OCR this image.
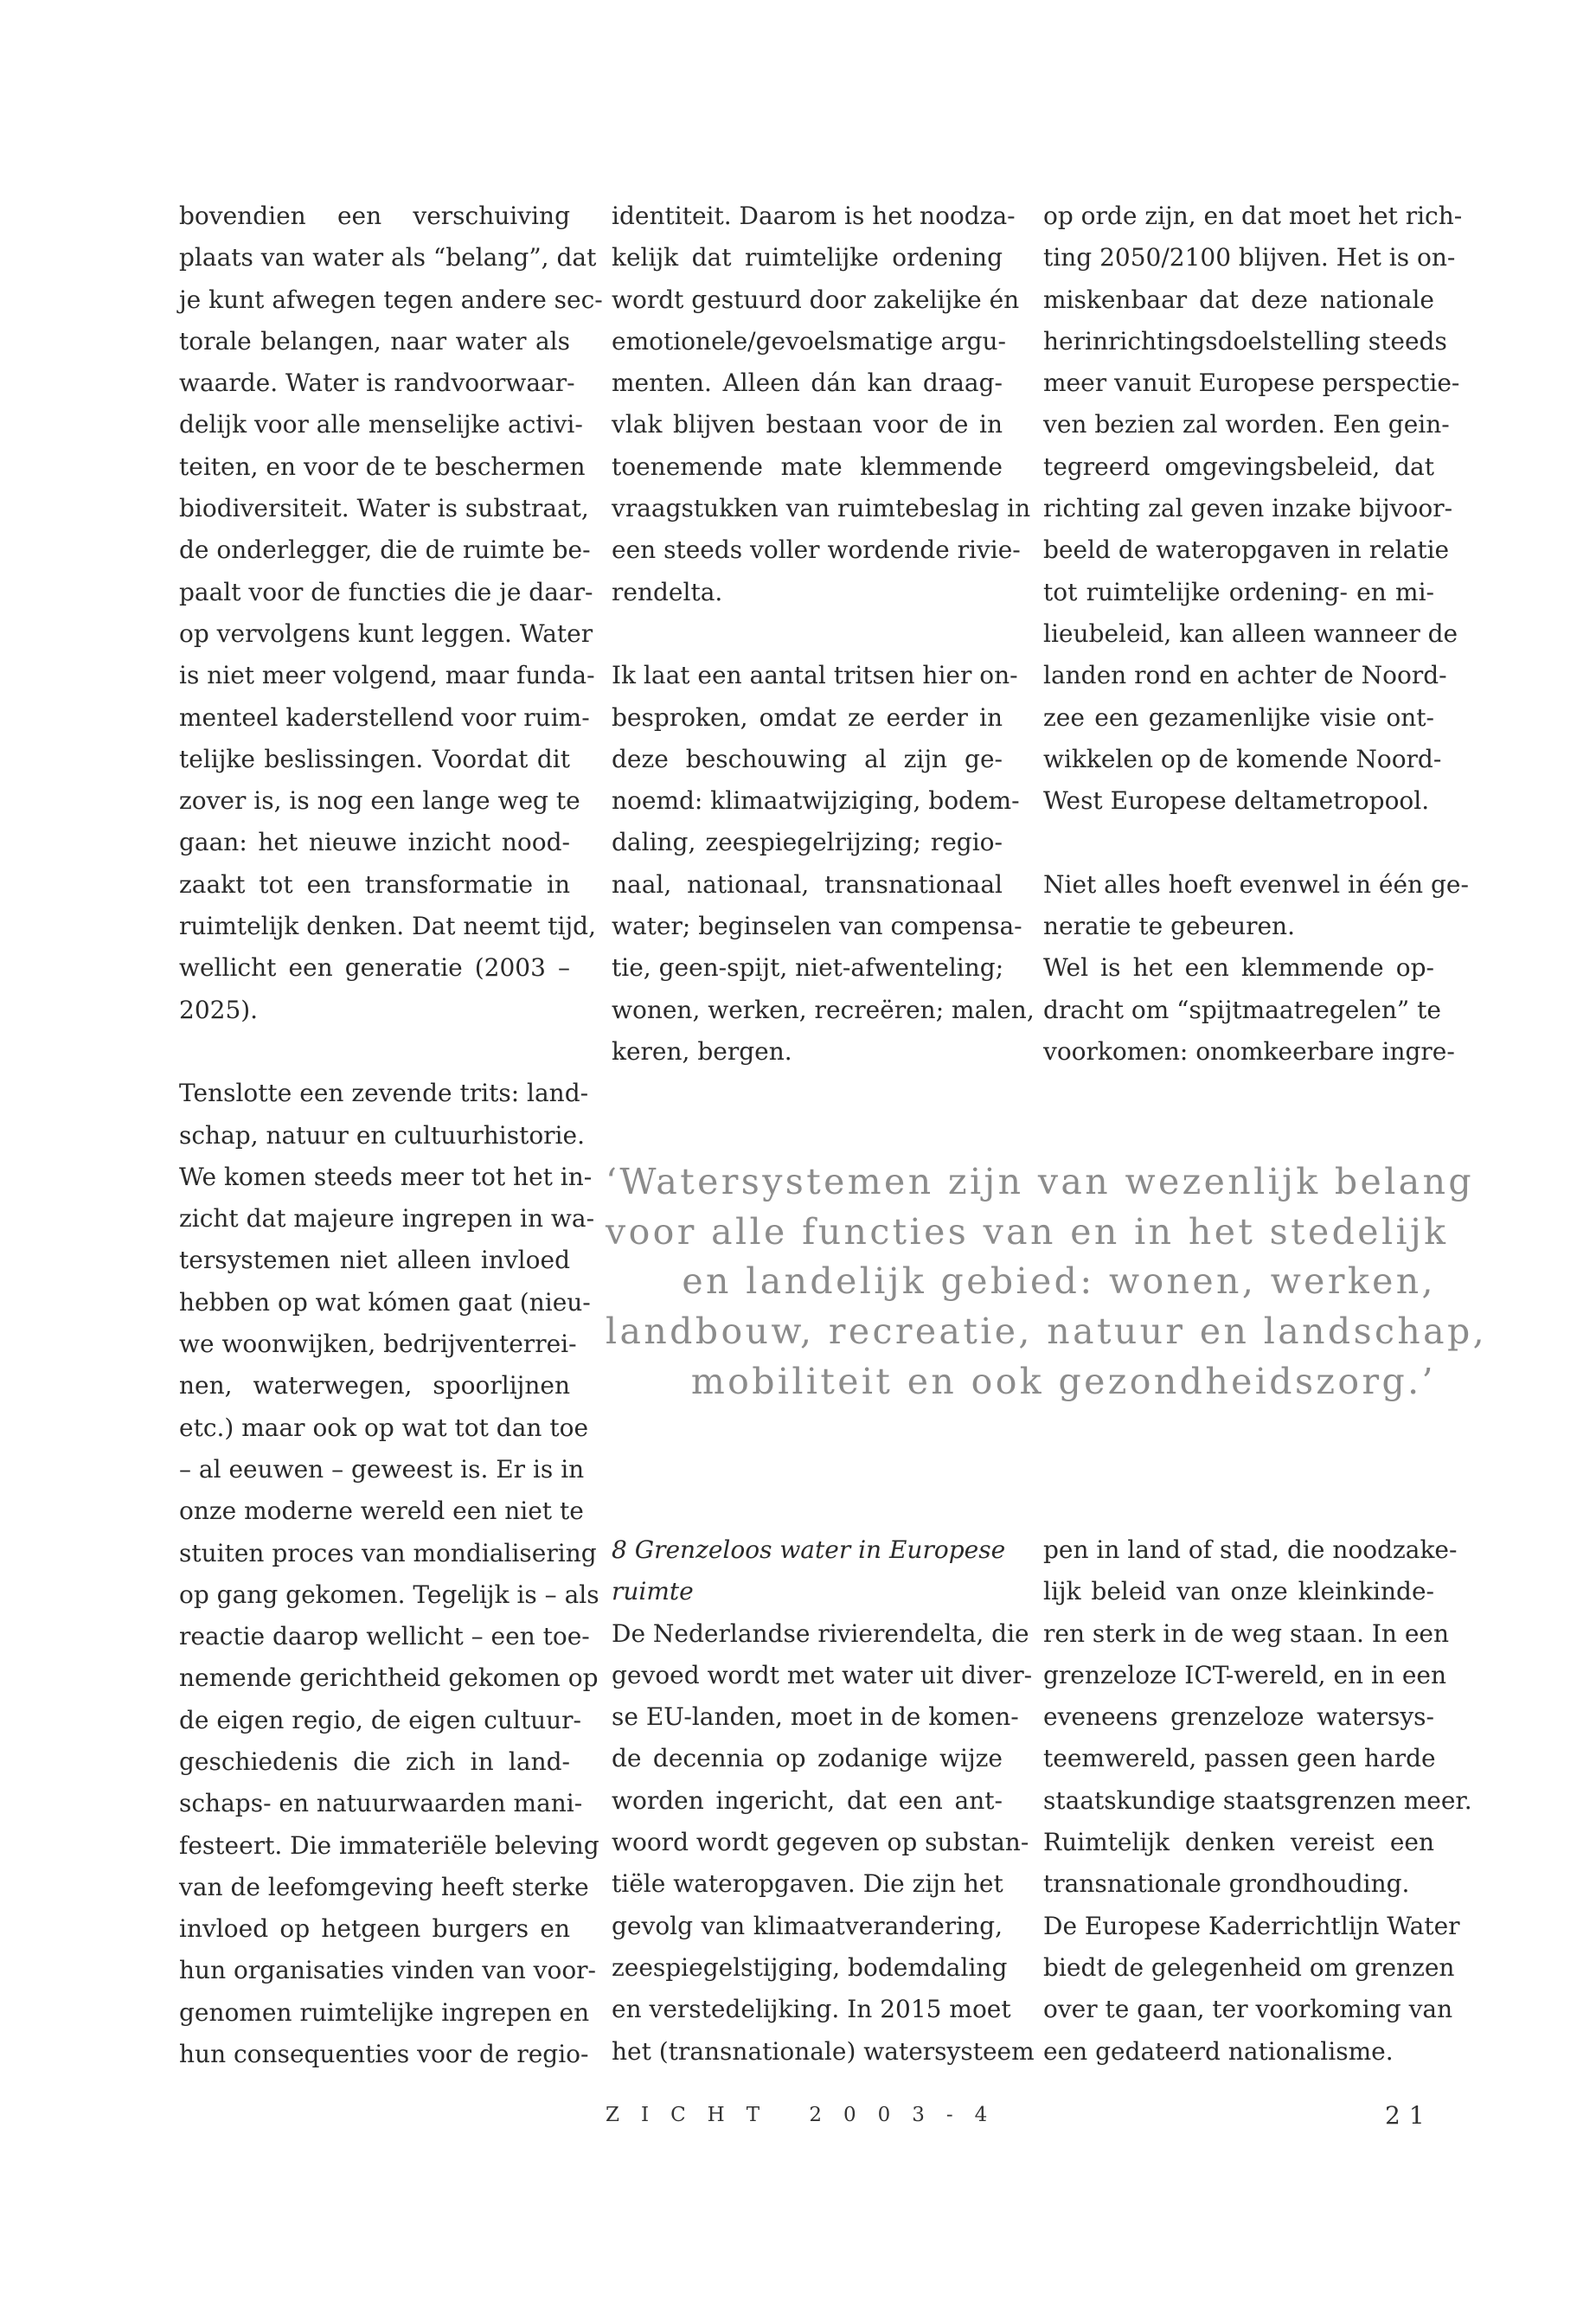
bovendien een verschuiving

plaats van water als “belang”, dat

je kunt afwegen tegen andere sec-

torale belangen, naar water als

waarde. Water is randvoorwaar-

delijk voor alle menselijke activi-

teiten, en voor de te beschermen

biodiversiteit. Water is substraat,

de onderlegger, die de ruimte be-

paalt voor de functies die je daar-

op vervolgens kunt leggen. Water

is niet meer volgend, maar funda-

menteel kaderstellend voor ruim-

telijke beslissingen. Voordat dit

zover is, is nog een lange weg te

gaan: het nieuwe inzicht nood-

zaakt tot een transformatie in

ruimtelijk denken. Dat neemt tijd,

wellicht een generatie (2003 –

2025).

Tenslotte een zevende trits: land-

schap, natuur en cultuurhistorie.

We komen steeds meer tot het in-

zicht dat majeure ingrepen in wa-

tersystemen niet alleen invloed

hebben op wat kómen gaat (nieu-

we woonwijken, bedrijventerrei-

nen, waterwegen, spoorlijnen

etc.) maar ook op wat tot dan toe

– al eeuwen – geweest is. Er is in

onze moderne wereld een niet te

stuiten proces van mondialisering

op gang gekomen. Tegelijk is – als

reactie daarop wellicht – een toe-

nemende gerichtheid gekomen op

de eigen regio, de eigen cultuur-

geschiedenis die zich in land-

schaps- en natuurwaarden mani-

festeert. Die immateriële beleving

van de leefomgeving heeft sterke

invloed op hetgeen burgers en

hun organisaties vinden van voor-

genomen ruimtelijke ingrepen en

hun consequenties voor de regio-

identiteit. Daarom is het noodza-

kelijk dat ruimtelijke ordening

wordt gestuurd door zakelijke én

emotionele/gevoelsmatige argu-

menten. Alleen dán kan draag-

vlak blijven bestaan voor de in

toenemende mate klemmende

vraagstukken van ruimtebeslag in

een steeds voller wordende rivie-

rendelta.

Ik laat een aantal tritsen hier on-

besproken, omdat ze eerder in

deze beschouwing al zijn ge-

noemd: klimaatwijziging, bodem-

daling, zeespiegelrijzing; regio-

naal, nationaal, transnationaal

water; beginselen van compensa-

tie, geen-spijt, niet-afwenteling;

wonen, werken, recreëren; malen,

keren, bergen.

op orde zijn, en dat moet het rich-

ting 2050/2100 blijven. Het is on-

miskenbaar dat deze nationale

herinrichtingsdoelstelling steeds

meer vanuit Europese perspectie-

ven bezien zal worden. Een gein-

tegreerd omgevingsbeleid, dat

richting zal geven inzake bijvoor-

beeld de wateropgaven in relatie

tot ruimtelijke ordening- en mi-

lieubeleid, kan alleen wanneer de

landen rond en achter de Noord-

zee een gezamenlijke visie ont-

wikkelen op de komende Noord-

West Europese deltametropool.

Niet alles hoeft evenwel in één ge-

neratie te gebeuren.

Wel is het een klemmende op-

dracht om “spijtmaatregelen” te

voorkomen: onomkeerbare ingre-

‘Watersystemen zijn van wezenlijk belang
voor alle functies van en in het stedelijk
en landelijk gebied: wonen, werken,
landbouw, recreatie, natuur en landschap,
mobiliteit en ook gezondheidszorg.’

8 Grenzeloos water in Europese

ruimte

De Nederlandse rivierendelta, die

gevoed wordt met water uit diver-

se EU-landen, moet in de komen-

de decennia op zodanige wijze

worden ingericht, dat een ant-

woord wordt gegeven op substan-

tiële wateropgaven. Die zijn het

gevolg van klimaatverandering,

zeespiegelstijging, bodemdaling

en verstedelijking. In 2015 moet

het (transnationale) watersysteem

pen in land of stad, die noodzake-

lijk beleid van onze kleinkinde-

ren sterk in de weg staan. In een

grenzeloze ICT-wereld, en in een

eveneens grenzeloze watersys-

teemwereld, passen geen harde

staatskundige staatsgrenzen meer.

Ruimtelijk denken vereist een

transnationale grondhouding.

De Europese Kaderrichtlijn Water

biedt de gelegenheid om grenzen

over te gaan, ter voorkoming van

een gedateerd nationalisme.

ZICHT 2003-4	21
